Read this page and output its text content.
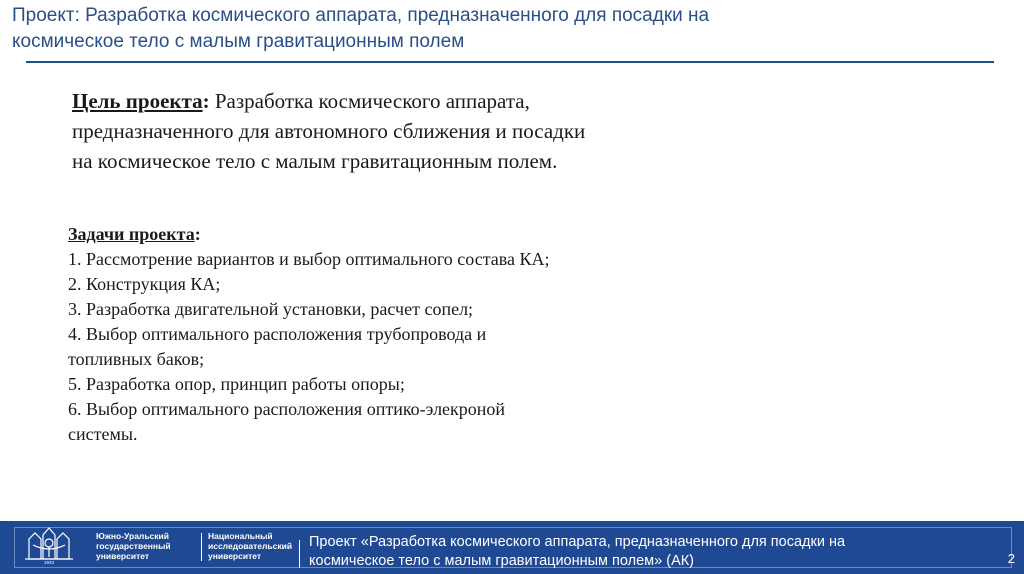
Проект: Разработка космического аппарата, предназначенного для посадки на
космическое тело с малым гравитационным полем
Цель проекта: Разработка космического аппарата,
предназначенного для автономного сближения и посадки
на космическое тело с малым гравитационным полем.
Задачи проекта:
1. Рассмотрение вариантов и выбор оптимального состава КА;
2. Конструкция КА;
3. Разработка двигательной установки, расчет сопел;
4. Выбор оптимального расположения трубопровода и
топливных баков;
5. Разработка опор, принцип работы опоры;
6. Выбор оптимального расположения оптико-элекроной
системы.
1943
Южно-Уральский
государственный
университет
Национальный
исследовательский
университет
Проект «Разработка космического аппарата, предназначенного для посадки на
космическое тело с малым гравитационным полем» (АК)	2
